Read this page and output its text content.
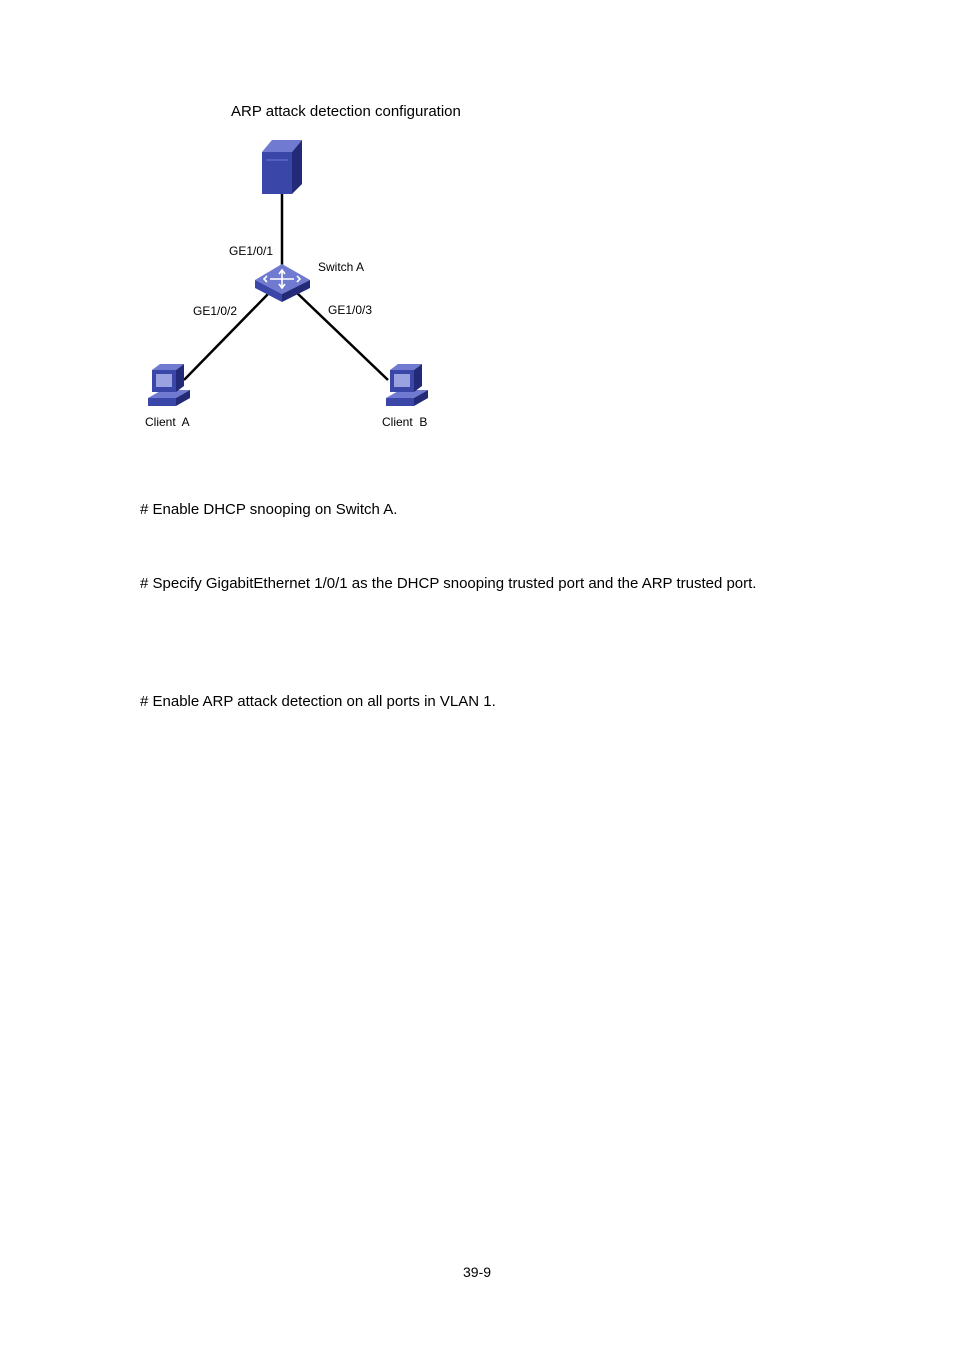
ARP attack detection configuration
GE1/0/1
Switch A
GE1/0/2	GE1/0/3
Client  A	Client  B
# Enable DHCP snooping on Switch A.
# Specify GigabitEthernet 1/0/1 as the DHCP snooping trusted port and the ARP trusted port.
# Enable ARP attack detection on all ports in VLAN 1.
39-9
